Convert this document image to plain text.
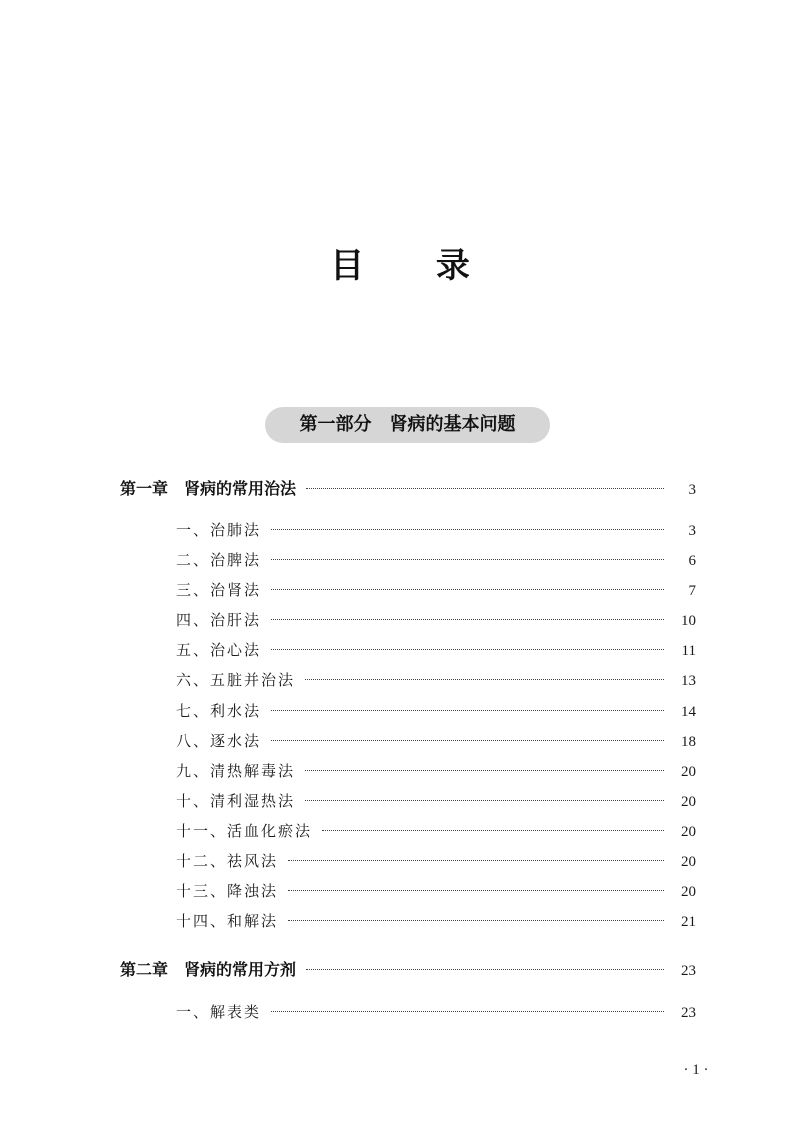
目 录
第一部分　肾病的基本问题
第一章　肾病的常用治法	3
一、治肺法	3
二、治脾法	6
三、治肾法	7
四、治肝法	10
五、治心法	11
六、五脏并治法	13
七、利水法	14
八、逐水法	18
九、清热解毒法	20
十、清利湿热法	20
十一、活血化瘀法	20
十二、祛风法	20
十三、降浊法	20
十四、和解法	21
第二章　肾病的常用方剂	23
一、解表类	23
· 1 ·
